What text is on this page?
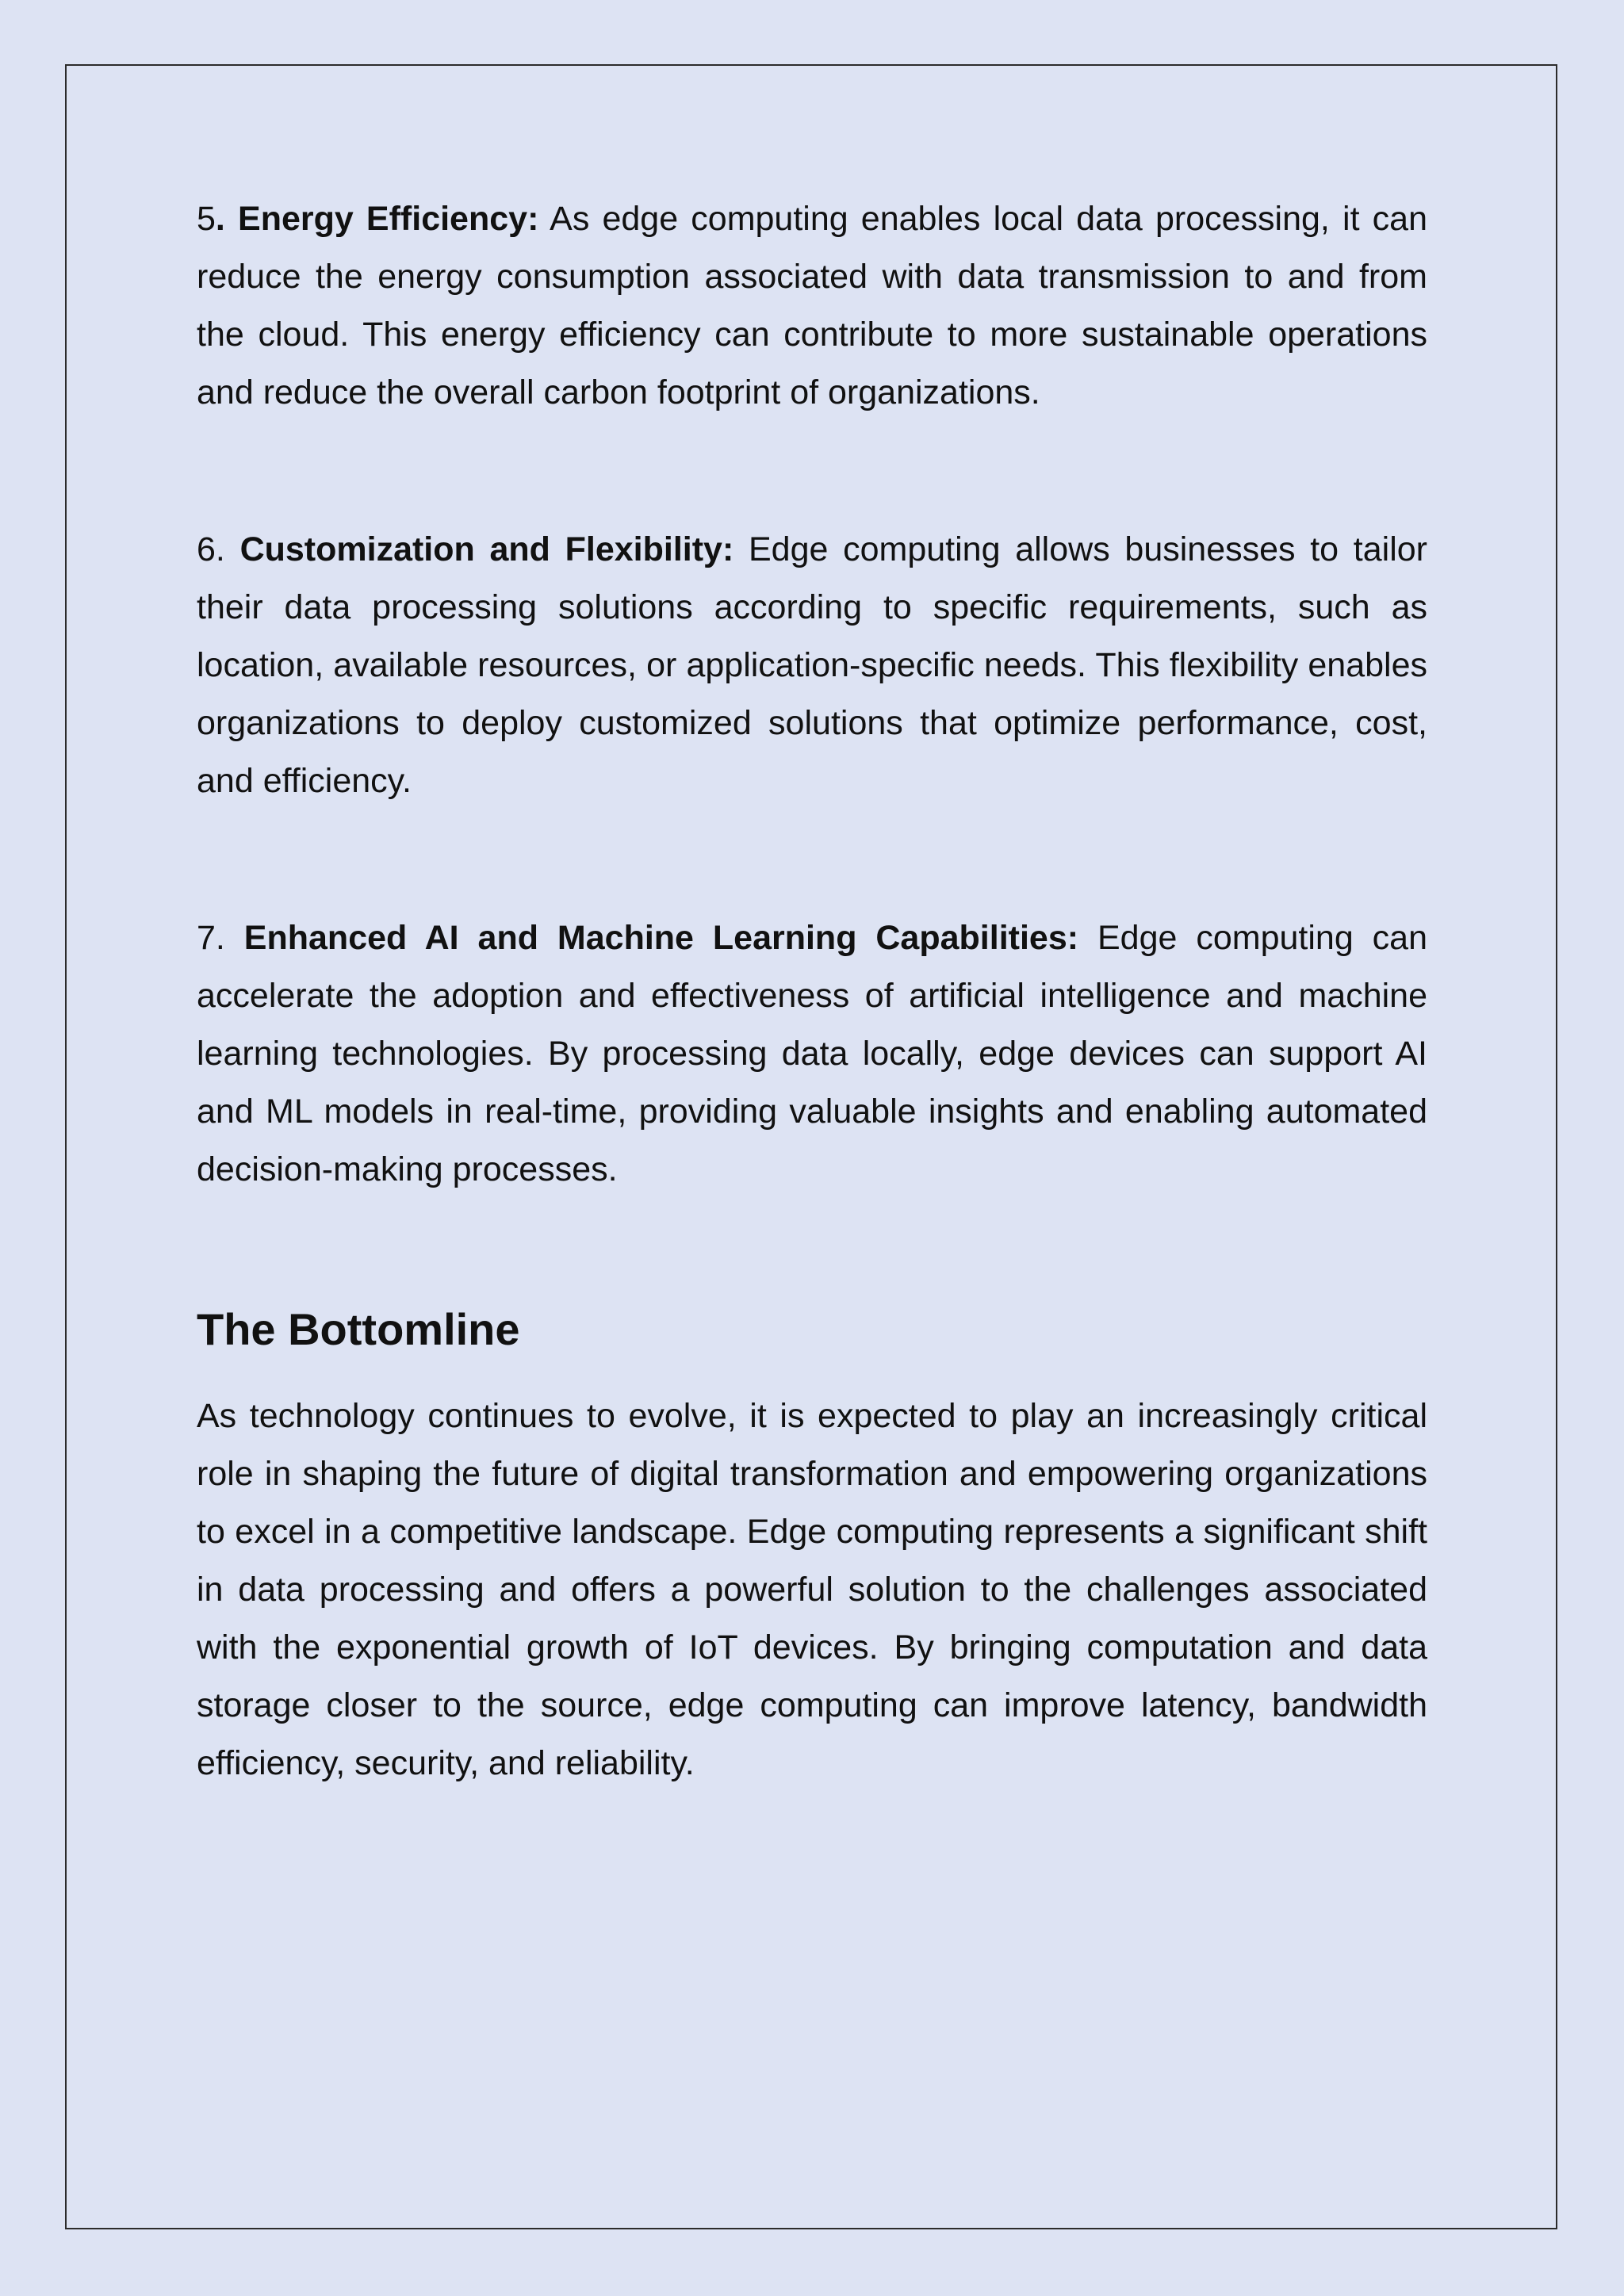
5. Energy Efficiency: As edge computing enables local data processing, it can reduce the energy consumption associated with data transmission to and from the cloud. This energy efficiency can contribute to more sustainable operations and reduce the overall carbon footprint of organizations.

6. Customization and Flexibility: Edge computing allows businesses to tailor their data processing solutions according to specific requirements, such as location, available resources, or application-specific needs. This flexibility enables organizations to deploy customized solutions that optimize performance, cost, and efficiency.

7. Enhanced AI and Machine Learning Capabilities: Edge computing can accelerate the adoption and effectiveness of artificial intelligence and machine learning technologies. By processing data locally, edge devices can support AI and ML models in real-time, providing valuable insights and enabling automated decision-making processes.

The Bottomline

As technology continues to evolve, it is expected to play an increasingly critical role in shaping the future of digital transformation and empowering organizations to excel in a competitive landscape. Edge computing represents a significant shift in data processing and offers a powerful solution to the challenges associated with the exponential growth of IoT devices. By bringing computation and data storage closer to the source, edge computing can improve latency, bandwidth efficiency, security, and reliability.
